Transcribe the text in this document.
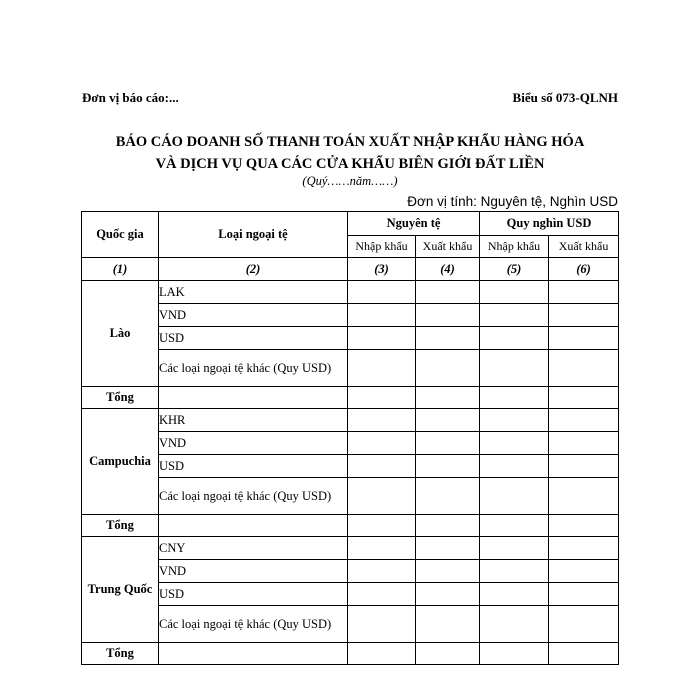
Đơn vị báo cáo:...	Biểu số 073-QLNH
BÁO CÁO DOANH SỐ THANH TOÁN XUẤT NHẬP KHẨU HÀNG HÓA
VÀ DỊCH VỤ QUA CÁC CỬA KHẨU BIÊN GIỚI ĐẤT LIỀN
(Quý……năm……)
Đơn vị tính: Nguyên tệ, Nghìn USD
Quốc gia	Loại ngoại tệ	Nguyên tệ		Quy nghìn USD	
		Nhập khẩu	Xuất khẩu	Nhập khẩu	Xuất khẩu
(1)	(2)	(3)	(4)	(5)	(6)
Lào	LAK				
	VND				
	USD				
	Các loại ngoại tệ khác (Quy USD)				
Tổng					
Campuchia	KHR				
	VND				
	USD				
	Các loại ngoại tệ khác (Quy USD)				
Tổng					
Trung Quốc	CNY				
	VND				
	USD				
	Các loại ngoại tệ khác (Quy USD)				
Tổng					
